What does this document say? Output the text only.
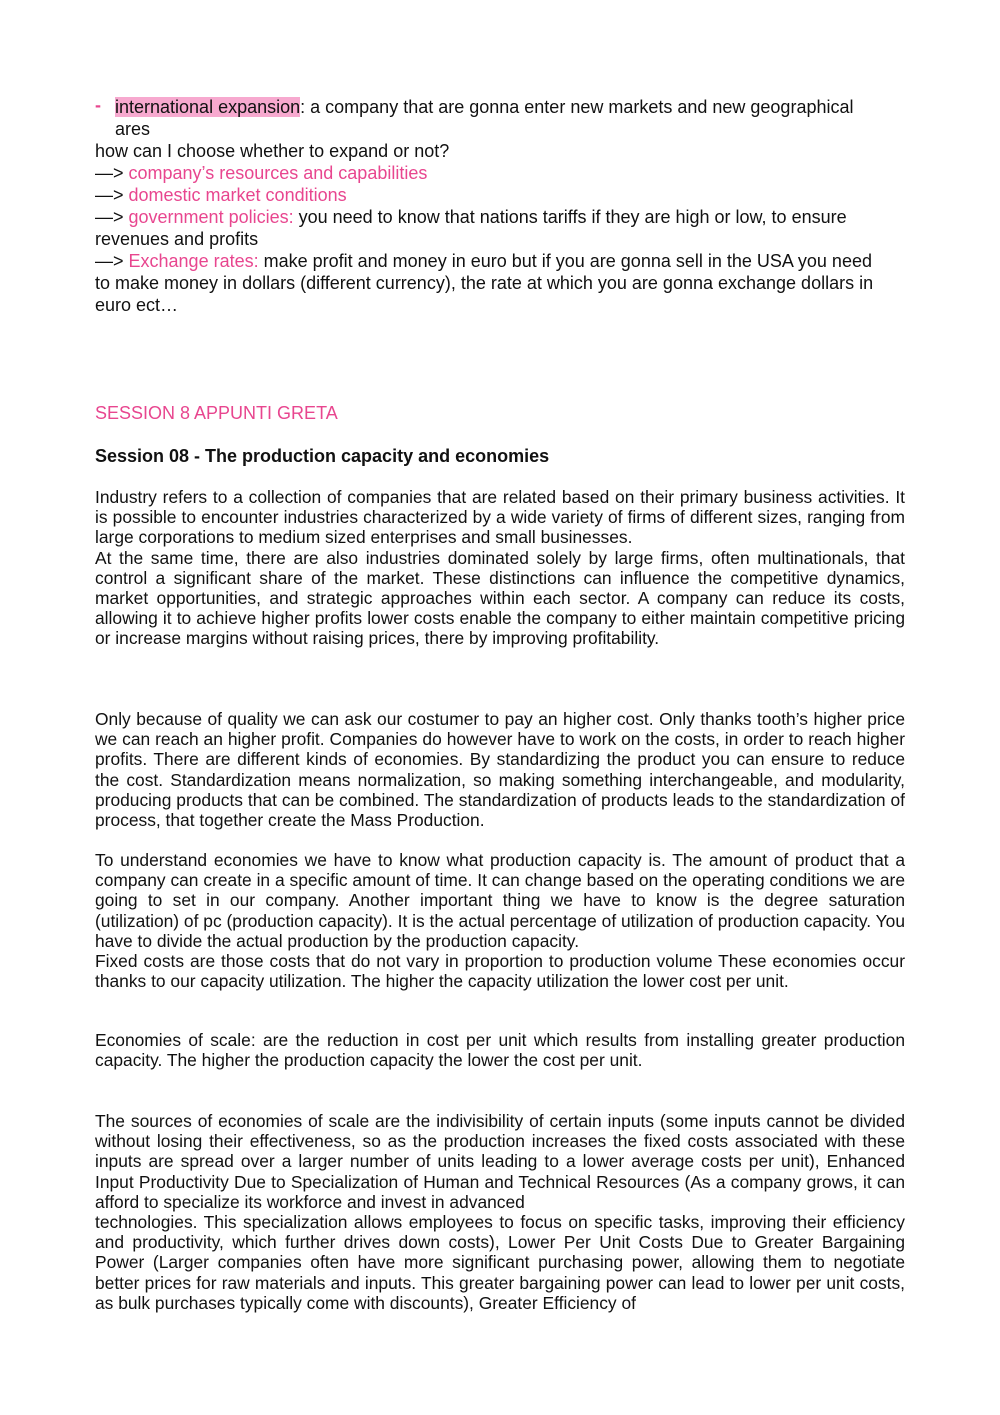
- international expansion: a company that are gonna enter new markets and new geographical
ares

how can I choose whether to expand or not?

—> company’s resources and capabilities

—> domestic market conditions

—> government policies: you need to know that nations tariffs if they are high or low, to ensure

revenues and profits

—> Exchange rates: make profit and money in euro but if you are gonna sell in the USA you need

to make money in dollars (different currency), the rate at which you are gonna exchange dollars in

euro ect…

SESSION 8 APPUNTI GRETA
Session 08 - The production capacity and economies

Industry refers to a collection of companies that are related based on their primary business activities. It is possible to encounter industries characterized by a wide variety of firms of different sizes, ranging from large corporations to medium sized enterprises and small businesses.

At the same time, there are also industries dominated solely by large firms, often multinationals, that control a significant share of the market. These distinctions can influence the competitive dynamics, market opportunities, and strategic approaches within each sector. A company can reduce its costs, allowing it to achieve higher profits lower costs enable the company to either maintain competitive pricing or increase margins without raising prices, there by improving profitability.

Only because of quality we can ask our costumer to pay an higher cost. Only thanks tooth’s higher price we can reach an higher profit. Companies do however have to work on the costs, in order to reach higher profits. There are different kinds of economies. By standardizing the product you can ensure to reduce the cost. Standardization means normalization, so making something interchangeable, and modularity, producing products that can be combined. The standardization of products leads to the standardization of process, that together create the Mass Production.

To understand economies we have to know what production capacity is. The amount of product that a company can create in a specific amount of time. It can change based on the operating conditions we are going to set in our company. Another important thing we have to know is the degree saturation (utilization) of pc (production capacity). It is the actual percentage of utilization of production capacity. You have to divide the actual production by the production capacity.

Fixed costs are those costs that do not vary in proportion to production volume These economies occur thanks to our capacity utilization. The higher the capacity utilization the lower cost per unit.

Economies of scale: are the reduction in cost per unit which results from installing greater production capacity. The higher the production capacity the lower the cost per unit.

The sources of economies of scale are the indivisibility of certain inputs (some inputs cannot be divided without losing their effectiveness, so as the production increases the fixed costs associated with these inputs are spread over a larger number of units leading to a lower average costs per unit), Enhanced Input Productivity Due to Specialization of Human and Technical Resources (As a company grows, it can afford to specialize its workforce and invest in advanced

technologies. This specialization allows employees to focus on specific tasks, improving their efficiency and productivity, which further drives down costs), Lower Per Unit Costs Due to Greater Bargaining Power (Larger companies often have more significant purchasing power, allowing them to negotiate better prices for raw materials and inputs. This greater bargaining power can lead to lower per unit costs, as bulk purchases typically come with discounts), Greater Efficiency of
